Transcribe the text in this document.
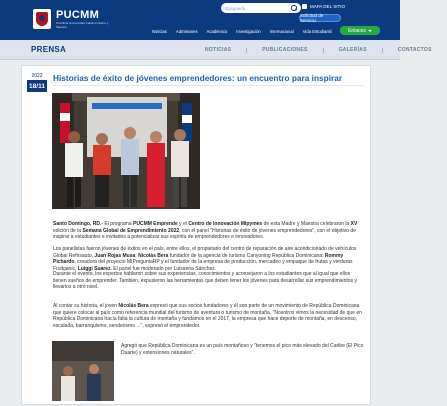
PUCMM
Pontificia Universidad Católica Madre y Maestra
Búsqueda
MAPA DEL SITIO
Solicitud de Servicio
Noticias Admisiones Académico Investigación Internacional Vida Estudiantil	Enlaces
PRENSA	NOTICIAS	PUBLICACIONES	GALERÍAS	CONTACTOS
2022
18/11
Historias de éxito de jóvenes emprendedores: un encuentro para inspirar

Santo Domingo, RD.- El programa PUCMM Emprende y el Centro de Innovación Mipymes de esta Madre y Maestra celebraron la XV edición de la Semana Global de Emprendimiento 2022, con el panel "Historias de éxito de jóvenes emprendedores", con el objetivo de inspirar a estudiantes e invitados a potencializar sus espíritu de emprendedores e innovadores.

Los panelistas fueron jóvenes de éxitos en el país, entre ellos, el propietario del centro de reparación de aire acondicionado de vehículos Global Refrisauto, Juan Rojas Musa; Nicolás Bera fundador de la agencia de turismo Canyoning República Dominicana; Rommy Pichardo, creadora del proyecto MIPreguntaRP y el fundador de la empresa de producción, mercadeo y empaque de frutas y verduras Fruitganic, Luiggi Suarez. El panel fue moderado por Luisanna Sánchez.

Durante el evento, los expertos hablaron sobre sus experiencias, conocimientos y aconsejaron a los estudiantes que al igual que ellos tienen sueños de emprender. También, expusieron las herramientas que deben tener los jóvenes para desarrollar sus emprendimientos y llevarlos a otro nivel.

Al contar su historia, el joven Nicolás Bera expresó que sus socios fundadores y él son parte de un movimiento de República Dominicana que quiere colocar al país como referencia mundial del turismo de aventura o turismo de montaña. "Nosotros vimos la necesidad de que en República Dominicana hacía falta la cultura de montaña y fundamos en el 2017, la empresa que hace deporte de montaña, en descenso, escalada, barranquismo, senderismo ...", expresó el emprendedor.

Agregó que República Dominicana es un país montañoso y "tenemos el pico más elevado del Caribe (El Pico Duarte) y extensiones naturales".
